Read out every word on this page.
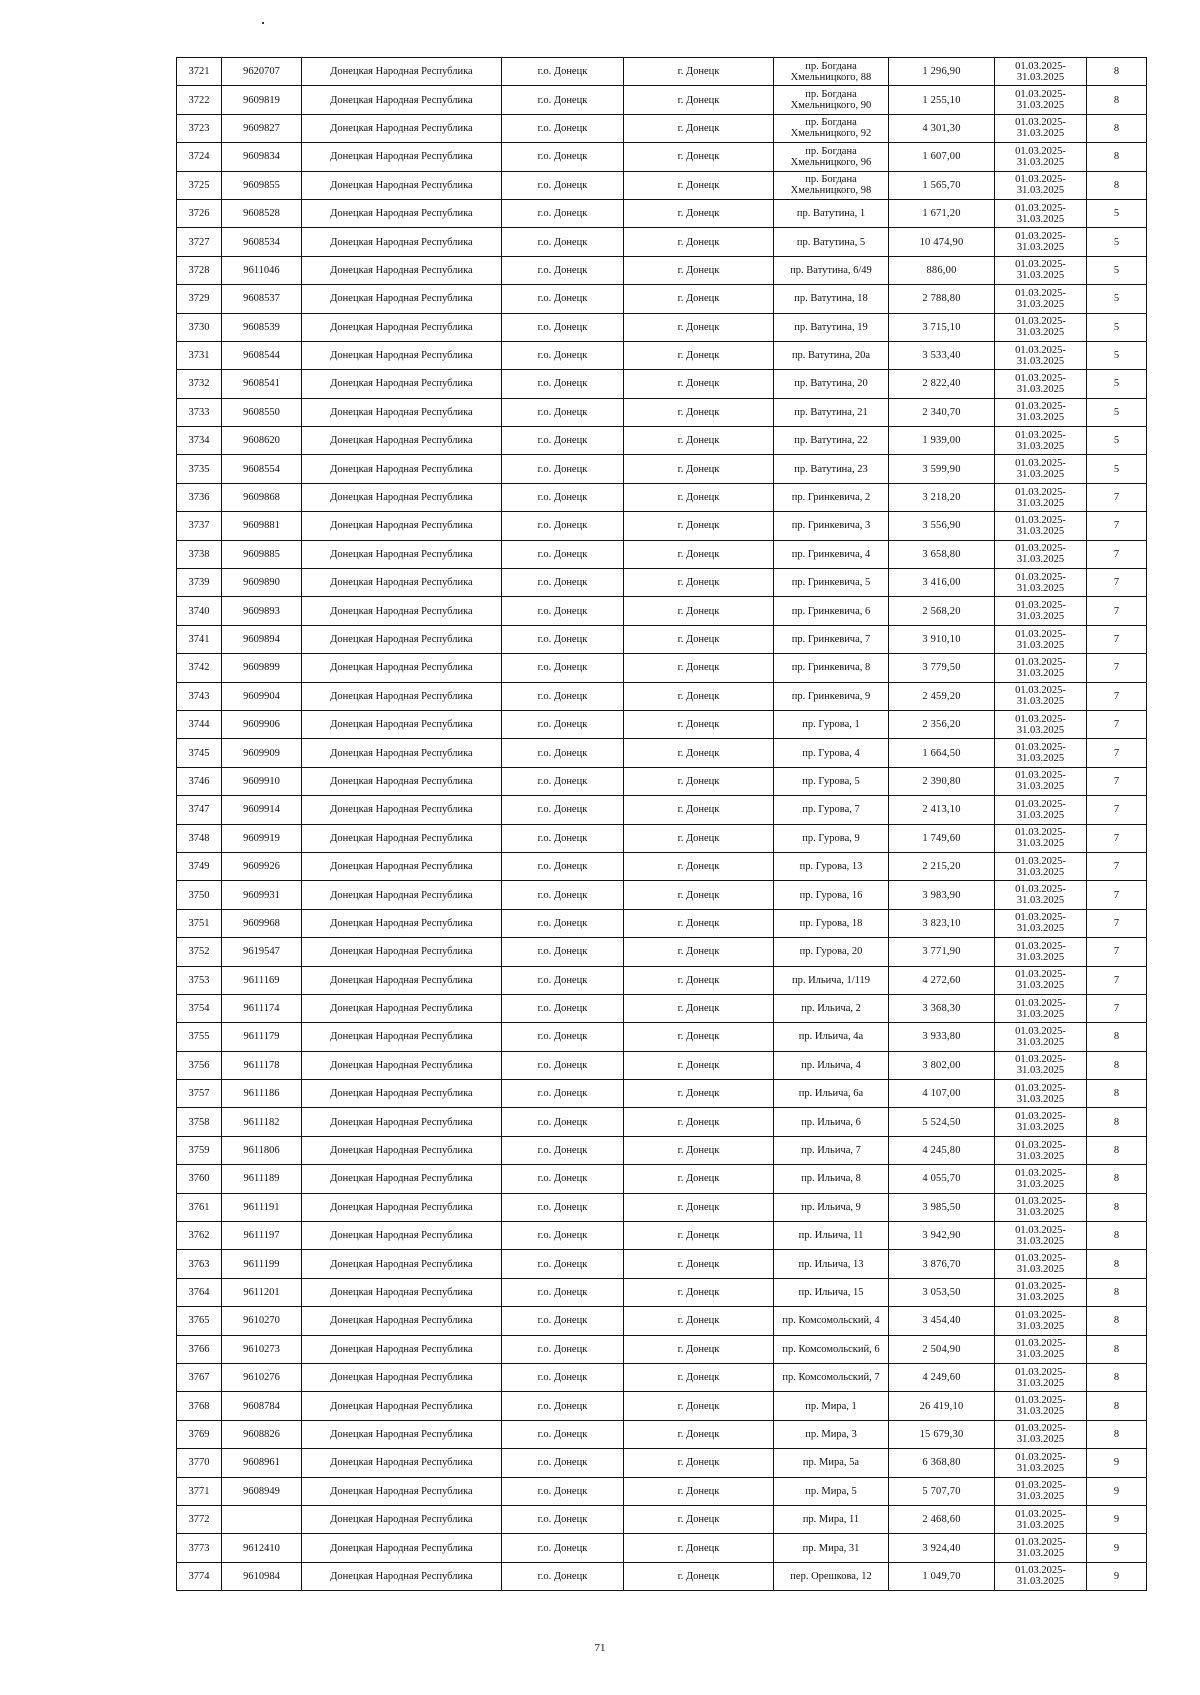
3721	9620707	Донецкая Народная Республика	г.о. Донецк	г. Донецк	пр. Богдана Хмельницкого, 88	1 296,90	01.03.2025- 31.03.2025	8
3722	9609819	Донецкая Народная Республика	г.о. Донецк	г. Донецк	пр. Богдана Хмельницкого, 90	1 255,10	01.03.2025- 31.03.2025	8
3723	9609827	Донецкая Народная Республика	г.о. Донецк	г. Донецк	пр. Богдана Хмельницкого, 92	4 301,30	01.03.2025- 31.03.2025	8
3724	9609834	Донецкая Народная Республика	г.о. Донецк	г. Донецк	пр. Богдана Хмельницкого, 96	1 607,00	01.03.2025- 31.03.2025	8
3725	9609855	Донецкая Народная Республика	г.о. Донецк	г. Донецк	пр. Богдана Хмельницкого, 98	1 565,70	01.03.2025- 31.03.2025	8
3726	9608528	Донецкая Народная Республика	г.о. Донецк	г. Донецк	пр. Ватутина, 1	1 671,20	01.03.2025- 31.03.2025	5
3727	9608534	Донецкая Народная Республика	г.о. Донецк	г. Донецк	пр. Ватутина, 5	10 474,90	01.03.2025- 31.03.2025	5
3728	9611046	Донецкая Народная Республика	г.о. Донецк	г. Донецк	пр. Ватутина, 6/49	886,00	01.03.2025- 31.03.2025	5
3729	9608537	Донецкая Народная Республика	г.о. Донецк	г. Донецк	пр. Ватутина, 18	2 788,80	01.03.2025- 31.03.2025	5
3730	9608539	Донецкая Народная Республика	г.о. Донецк	г. Донецк	пр. Ватутина, 19	3 715,10	01.03.2025- 31.03.2025	5
3731	9608544	Донецкая Народная Республика	г.о. Донецк	г. Донецк	пр. Ватутина, 20а	3 533,40	01.03.2025- 31.03.2025	5
3732	9608541	Донецкая Народная Республика	г.о. Донецк	г. Донецк	пр. Ватутина, 20	2 822,40	01.03.2025- 31.03.2025	5
3733	9608550	Донецкая Народная Республика	г.о. Донецк	г. Донецк	пр. Ватутина, 21	2 340,70	01.03.2025- 31.03.2025	5
3734	9608620	Донецкая Народная Республика	г.о. Донецк	г. Донецк	пр. Ватутина, 22	1 939,00	01.03.2025- 31.03.2025	5
3735	9608554	Донецкая Народная Республика	г.о. Донецк	г. Донецк	пр. Ватутина, 23	3 599,90	01.03.2025- 31.03.2025	5
3736	9609868	Донецкая Народная Республика	г.о. Донецк	г. Донецк	пр. Гринкевича, 2	3 218,20	01.03.2025- 31.03.2025	7
3737	9609881	Донецкая Народная Республика	г.о. Донецк	г. Донецк	пр. Гринкевича, 3	3 556,90	01.03.2025- 31.03.2025	7
3738	9609885	Донецкая Народная Республика	г.о. Донецк	г. Донецк	пр. Гринкевича, 4	3 658,80	01.03.2025- 31.03.2025	7
3739	9609890	Донецкая Народная Республика	г.о. Донецк	г. Донецк	пр. Гринкевича, 5	3 416,00	01.03.2025- 31.03.2025	7
3740	9609893	Донецкая Народная Республика	г.о. Донецк	г. Донецк	пр. Гринкевича, 6	2 568,20	01.03.2025- 31.03.2025	7
3741	9609894	Донецкая Народная Республика	г.о. Донецк	г. Донецк	пр. Гринкевича, 7	3 910,10	01.03.2025- 31.03.2025	7
3742	9609899	Донецкая Народная Республика	г.о. Донецк	г. Донецк	пр. Гринкевича, 8	3 779,50	01.03.2025- 31.03.2025	7
3743	9609904	Донецкая Народная Республика	г.о. Донецк	г. Донецк	пр. Гринкевича, 9	2 459,20	01.03.2025- 31.03.2025	7
3744	9609906	Донецкая Народная Республика	г.о. Донецк	г. Донецк	пр. Гурова, 1	2 356,20	01.03.2025- 31.03.2025	7
3745	9609909	Донецкая Народная Республика	г.о. Донецк	г. Донецк	пр. Гурова, 4	1 664,50	01.03.2025- 31.03.2025	7
3746	9609910	Донецкая Народная Республика	г.о. Донецк	г. Донецк	пр. Гурова, 5	2 390,80	01.03.2025- 31.03.2025	7
3747	9609914	Донецкая Народная Республика	г.о. Донецк	г. Донецк	пр. Гурова, 7	2 413,10	01.03.2025- 31.03.2025	7
3748	9609919	Донецкая Народная Республика	г.о. Донецк	г. Донецк	пр. Гурова, 9	1 749,60	01.03.2025- 31.03.2025	7
3749	9609926	Донецкая Народная Республика	г.о. Донецк	г. Донецк	пр. Гурова, 13	2 215,20	01.03.2025- 31.03.2025	7
3750	9609931	Донецкая Народная Республика	г.о. Донецк	г. Донецк	пр. Гурова, 16	3 983,90	01.03.2025- 31.03.2025	7
3751	9609968	Донецкая Народная Республика	г.о. Донецк	г. Донецк	пр. Гурова, 18	3 823,10	01.03.2025- 31.03.2025	7
3752	9619547	Донецкая Народная Республика	г.о. Донецк	г. Донецк	пр. Гурова, 20	3 771,90	01.03.2025- 31.03.2025	7
3753	9611169	Донецкая Народная Республика	г.о. Донецк	г. Донецк	пр. Ильича, 1/119	4 272,60	01.03.2025- 31.03.2025	7
3754	9611174	Донецкая Народная Республика	г.о. Донецк	г. Донецк	пр. Ильича, 2	3 368,30	01.03.2025- 31.03.2025	7
3755	9611179	Донецкая Народная Республика	г.о. Донецк	г. Донецк	пр. Ильича, 4а	3 933,80	01.03.2025- 31.03.2025	8
3756	9611178	Донецкая Народная Республика	г.о. Донецк	г. Донецк	пр. Ильича, 4	3 802,00	01.03.2025- 31.03.2025	8
3757	9611186	Донецкая Народная Республика	г.о. Донецк	г. Донецк	пр. Ильича, 6а	4 107,00	01.03.2025- 31.03.2025	8
3758	9611182	Донецкая Народная Республика	г.о. Донецк	г. Донецк	пр. Ильича, 6	5 524,50	01.03.2025- 31.03.2025	8
3759	9611806	Донецкая Народная Республика	г.о. Донецк	г. Донецк	пр. Ильича, 7	4 245,80	01.03.2025- 31.03.2025	8
3760	9611189	Донецкая Народная Республика	г.о. Донецк	г. Донецк	пр. Ильича, 8	4 055,70	01.03.2025- 31.03.2025	8
3761	9611191	Донецкая Народная Республика	г.о. Донецк	г. Донецк	пр. Ильича, 9	3 985,50	01.03.2025- 31.03.2025	8
3762	9611197	Донецкая Народная Республика	г.о. Донецк	г. Донецк	пр. Ильича, 11	3 942,90	01.03.2025- 31.03.2025	8
3763	9611199	Донецкая Народная Республика	г.о. Донецк	г. Донецк	пр. Ильича, 13	3 876,70	01.03.2025- 31.03.2025	8
3764	9611201	Донецкая Народная Республика	г.о. Донецк	г. Донецк	пр. Ильича, 15	3 053,50	01.03.2025- 31.03.2025	8
3765	9610270	Донецкая Народная Республика	г.о. Донецк	г. Донецк	пр. Комсомольский, 4	3 454,40	01.03.2025- 31.03.2025	8
3766	9610273	Донецкая Народная Республика	г.о. Донецк	г. Донецк	пр. Комсомольский, 6	2 504,90	01.03.2025- 31.03.2025	8
3767	9610276	Донецкая Народная Республика	г.о. Донецк	г. Донецк	пр. Комсомольский, 7	4 249,60	01.03.2025- 31.03.2025	8
3768	9608784	Донецкая Народная Республика	г.о. Донецк	г. Донецк	пр. Мира, 1	26 419,10	01.03.2025- 31.03.2025	8
3769	9608826	Донецкая Народная Республика	г.о. Донецк	г. Донецк	пр. Мира, 3	15 679,30	01.03.2025- 31.03.2025	8
3770	9608961	Донецкая Народная Республика	г.о. Донецк	г. Донецк	пр. Мира, 5а	6 368,80	01.03.2025- 31.03.2025	9
3771	9608949	Донецкая Народная Республика	г.о. Донецк	г. Донецк	пр. Мира, 5	5 707,70	01.03.2025- 31.03.2025	9
3772		Донецкая Народная Республика	г.о. Донецк	г. Донецк	пр. Мира, 11	2 468,60	01.03.2025- 31.03.2025	9
3773	9612410	Донецкая Народная Республика	г.о. Донецк	г. Донецк	пр. Мира, 31	3 924,40	01.03.2025- 31.03.2025	9
3774	9610984	Донецкая Народная Республика	г.о. Донецк	г. Донецк	пер. Орешкова, 12	1 049,70	01.03.2025- 31.03.2025	9
71
